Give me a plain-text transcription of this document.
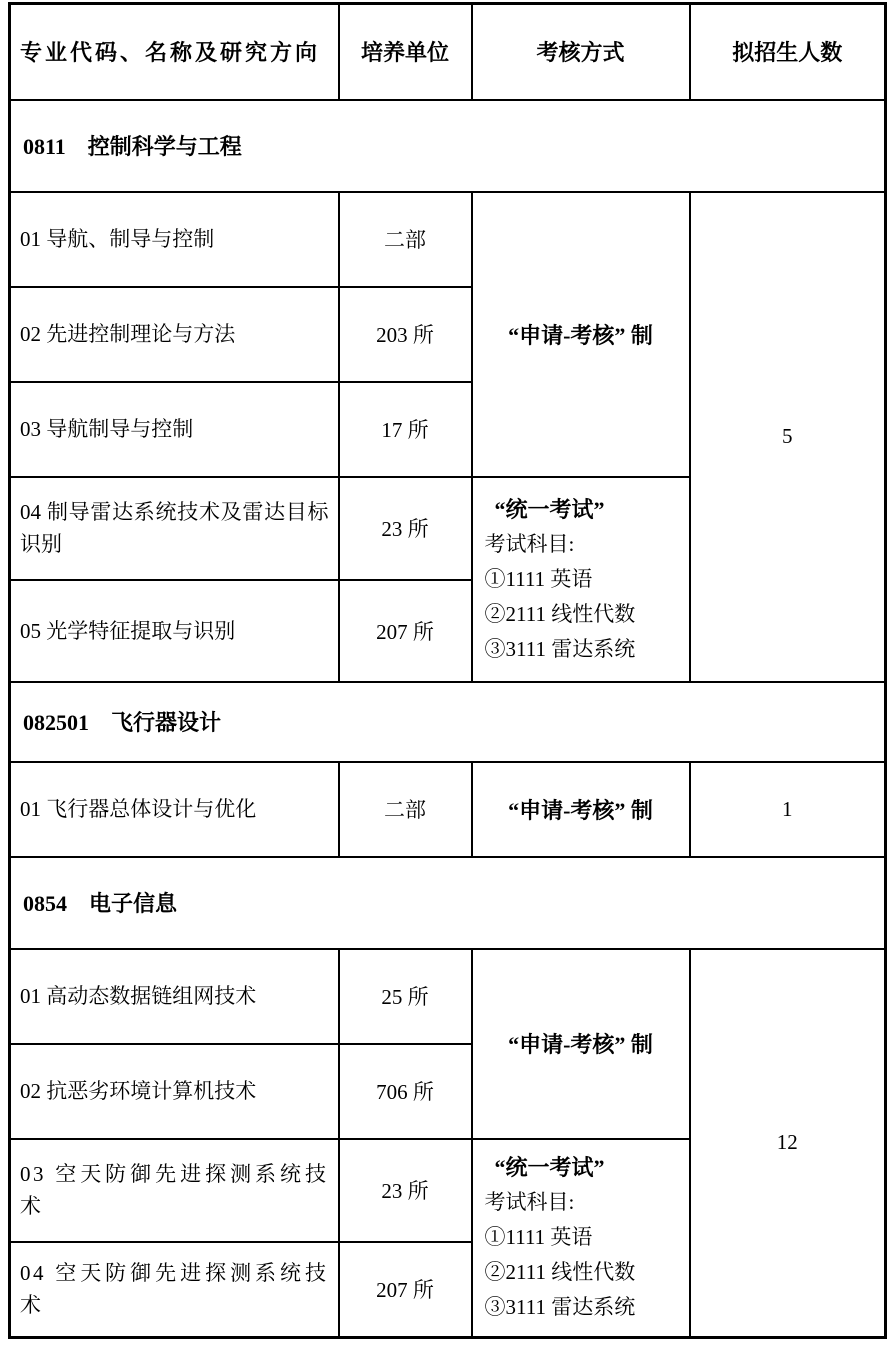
专业代码、名称及研究方向	培养单位	考核方式	拟招生人数
0811　控制科学与工程			
01 导航、制导与控制	二部	“申请-考核” 制	5
02 先进控制理论与方法	203 所		
03 导航制导与控制	17 所		
04 制导雷达系统技术及雷达目标识别	23 所	“统一考试”
考试科目:
①1111 英语
②2111 线性代数
③3111 雷达系统	

05 光学特征提取与识别	207 所		
082501　飞行器设计			
01 飞行器总体设计与优化	二部	“申请-考核” 制	1
0854　电子信息			
01 高动态数据链组网技术	25 所	“申请-考核” 制	12
02 抗恶劣环境计算机技术	706 所		
03 空天防御先进探测系统技术	23 所	“统一考试”
考试科目:
①1111 英语
②2111 线性代数
③3111 雷达系统	

04 空天防御先进探测系统技术	207 所		
